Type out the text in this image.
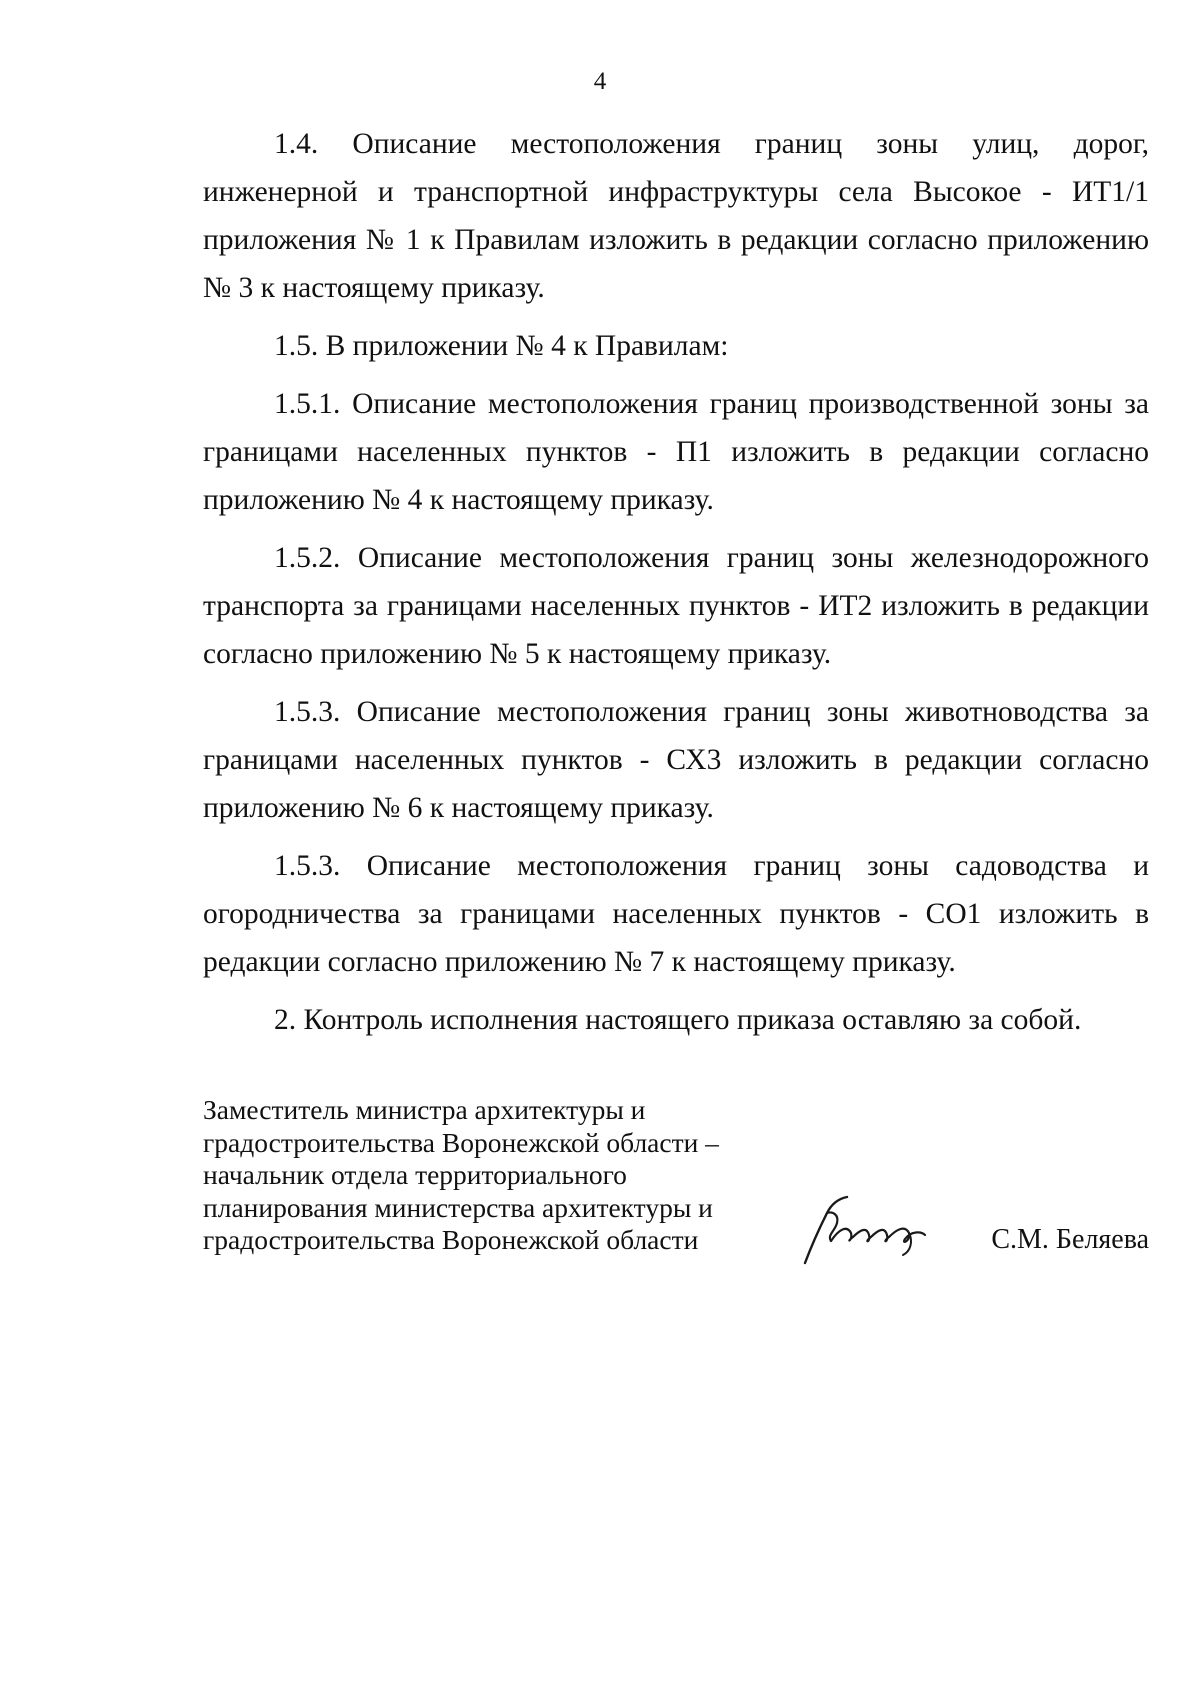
4

1.4. Описание местоположения границ зоны улиц, дорог, инженерной и транспортной инфраструктуры села Высокое - ИТ1/1 приложения № 1 к Правилам изложить в редакции согласно приложению № 3 к настоящему приказу.

1.5. В приложении № 4 к Правилам:

1.5.1. Описание местоположения границ производственной зоны за границами населенных пунктов - П1 изложить в редакции согласно приложению № 4 к настоящему приказу.

1.5.2. Описание местоположения границ зоны железнодорожного транспорта за границами населенных пунктов - ИТ2 изложить в редакции согласно приложению № 5 к настоящему приказу.

1.5.3. Описание местоположения границ зоны животноводства за границами населенных пунктов - СХ3 изложить в редакции согласно приложению № 6 к настоящему приказу.

1.5.3. Описание местоположения границ зоны садоводства и огородничества за границами населенных пунктов - СО1 изложить в редакции согласно приложению № 7 к настоящему приказу.

2. Контроль исполнения настоящего приказа оставляю за собой.

Заместитель министра архитектуры и
градостроительства Воронежской области –
начальник отдела территориального
планирования министерства архитектуры и
градостроительства Воронежской области	С.М. Беляева
